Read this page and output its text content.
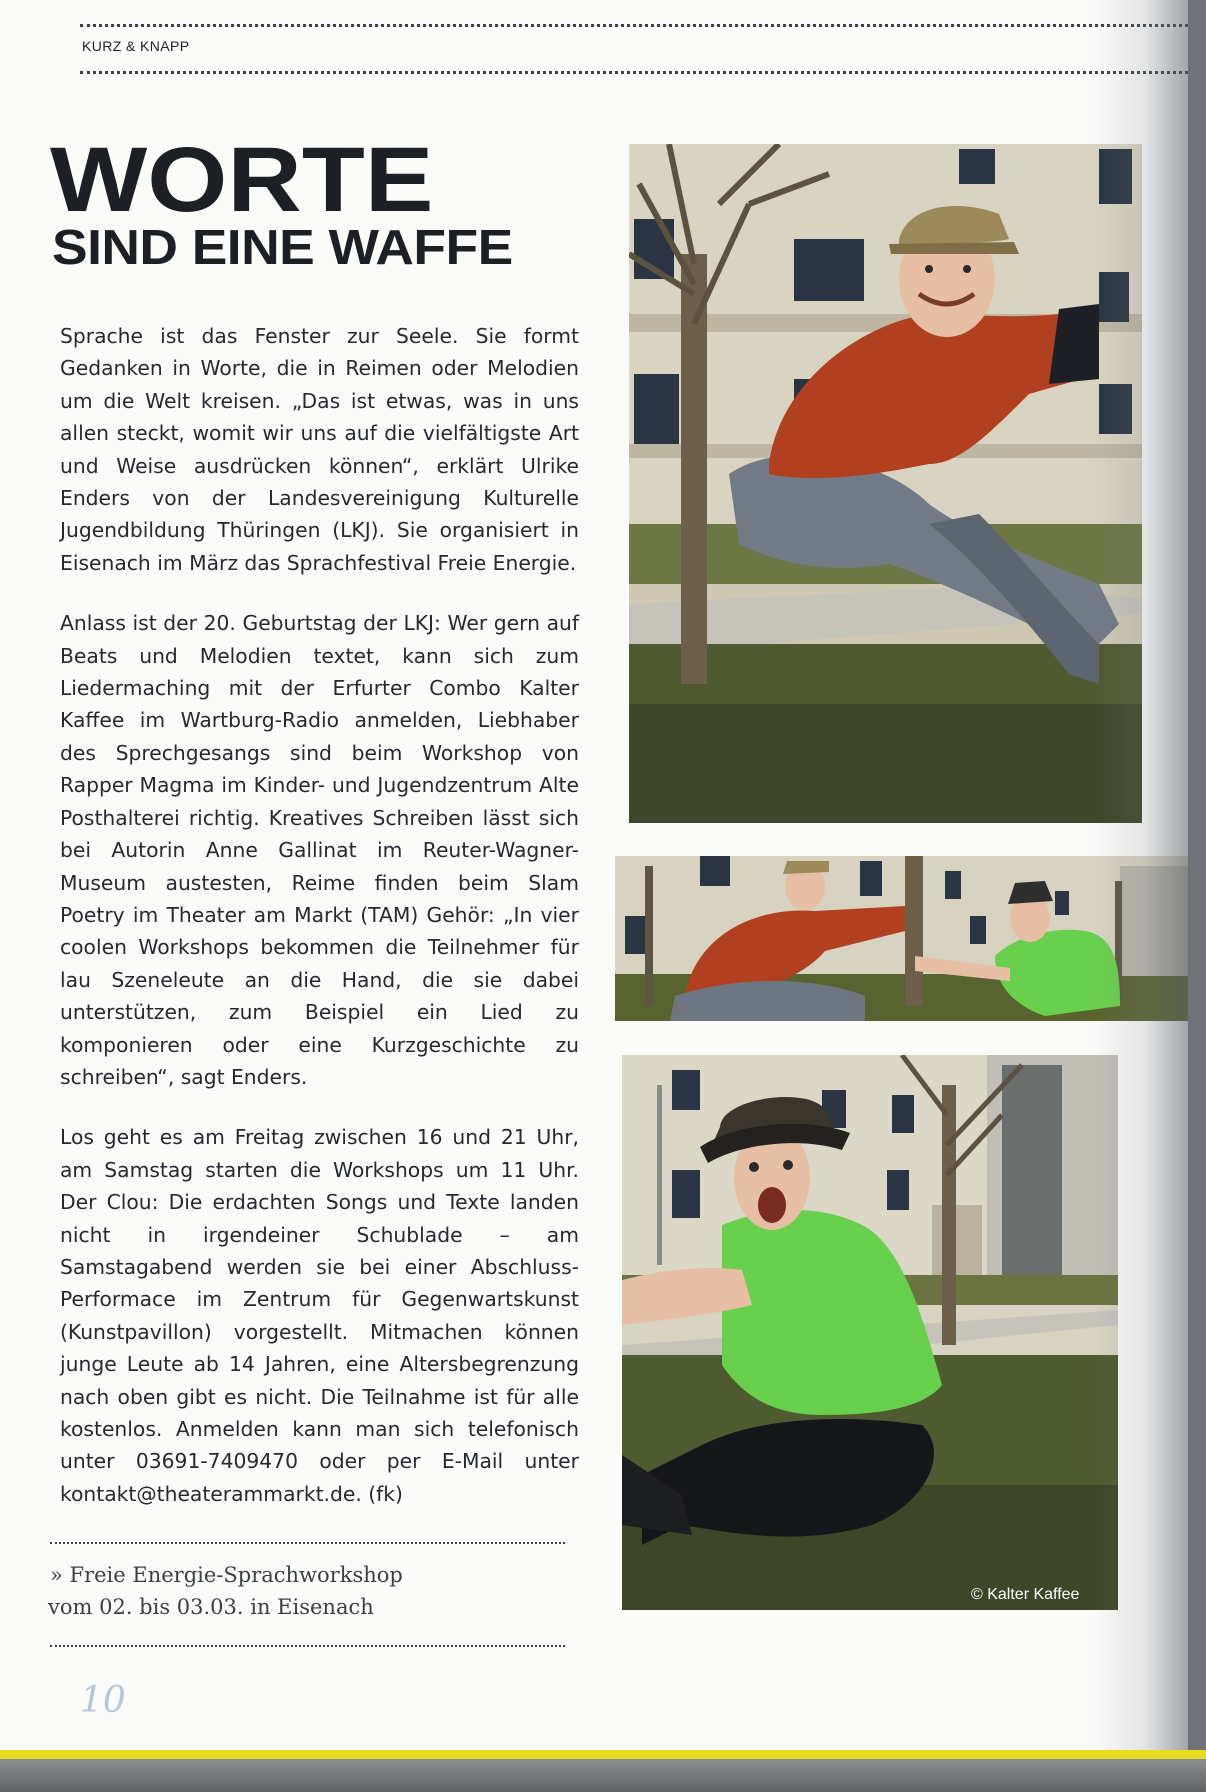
KURZ & KNAPP
WORTE
SIND EINE WAFFE

Sprache ist das Fenster zur Seele. Sie formt Gedanken in Worte, die in Reimen oder Melodien um die Welt kreisen. „Das ist etwas, was in uns allen steckt, womit wir uns auf die vielfältigste Art und Weise ausdrücken können“, erklärt Ulrike Enders von der Landesvereinigung Kulturelle Jugendbildung Thüringen (LKJ). Sie organisiert in Eisenach im März das Sprachfestival Freie Energie.

Anlass ist der 20. Geburtstag der LKJ: Wer gern auf Beats und Melodien textet, kann sich zum Liedermaching mit der Erfurter Combo Kalter Kaffee im Wartburg-Radio anmelden, Liebhaber des Sprechgesangs sind beim Workshop von Rapper Magma im Kinder- und Jugendzentrum Alte Posthalterei richtig. Kreatives Schreiben lässt sich bei Autorin Anne Gallinat im Reuter-Wagner-Museum austesten, Reime finden beim Slam Poetry im Theater am Markt (TAM) Gehör: „In vier coolen Workshops bekommen die Teilnehmer für lau Szeneleute an die Hand, die sie dabei unterstützen, zum Beispiel ein Lied zu komponieren oder eine Kurzgeschichte zu schreiben“, sagt Enders.

Los geht es am Freitag zwischen 16 und 21 Uhr, am Samstag starten die Workshops um 11 Uhr. Der Clou: Die erdachten Songs und Texte landen nicht in irgendeiner Schublade – am Samstagabend werden sie bei einer Abschluss-Performace im Zentrum für Gegenwartskunst (Kunstpavillon) vorgestellt. Mitmachen können junge Leute ab 14 Jahren, eine Altersbegrenzung nach oben gibt es nicht. Die Teilnahme ist für alle kostenlos. Anmelden kann man sich telefonisch unter 03691-7409470 oder per E-Mail unter kontakt@theaterammarkt.de. (fk)

» Freie Energie-Sprachworkshop
vom 02. bis 03.03. in Eisenach
10
© Kalter Kaffee
